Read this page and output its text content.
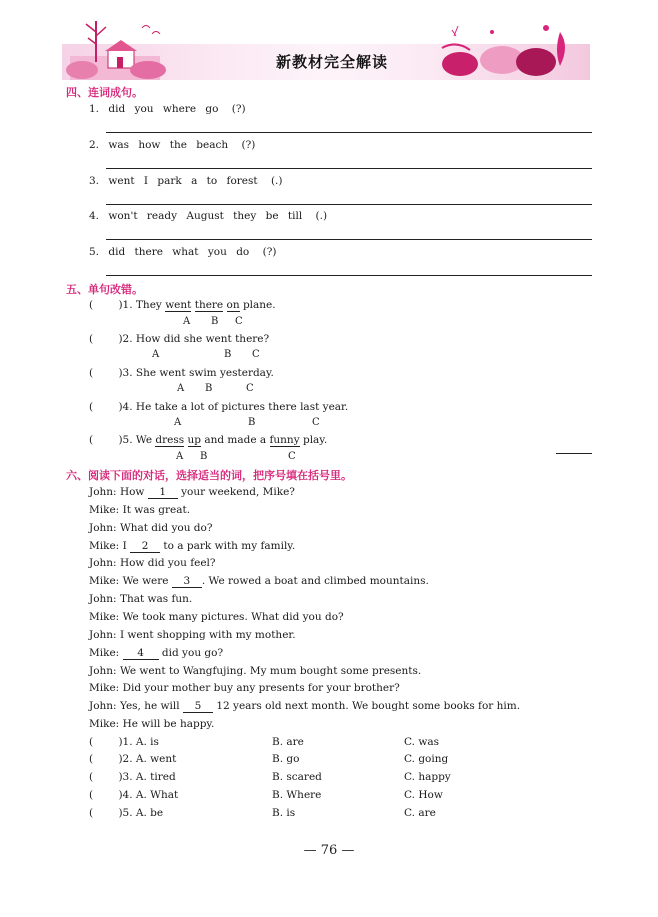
新教材完全解读
四、连词成句。
1. did you where go (?)
2. was how the beach (?)
3. went I park a to forest (.)
4. won't ready August they be till (.)
5. did there what you do (?)
五、单句改错。
( )1. They went there on plane.
A B C
( )2. How did she went there?
A	B C
( )3. She went swim yesterday.
A B	C
( )4. He take a lot of pictures there last year.
A	B	C
( )5. We dress up and made a funny play.
A B	C
六、阅读下面的对话，选择适当的词，把序号填在括号里。
John: How 1 your weekend, Mike?
Mike: It was great.
John: What did you do?
Mike: I 2 to a park with my family.
John: How did you feel?
Mike: We were 3 . We rowed a boat and climbed mountains.
John: That was fun.
Mike: We took many pictures. What did you do?
John: I went shopping with my mother.
Mike: 4 did you go?
John: We went to Wangfujing. My mum bought some presents.
Mike: Did your mother buy any presents for your brother?
John: Yes, he will 5 12 years old next month. We bought some books for him.
Mike: He will be happy.
( )1. A. is	B. are	C. was
( )2. A. went	B. go	C. going
( )3. A. tired	B. scared	C. happy
( )4. A. What	B. Where	C. How
( )5. A. be	B. is	C. are
— 76 —
